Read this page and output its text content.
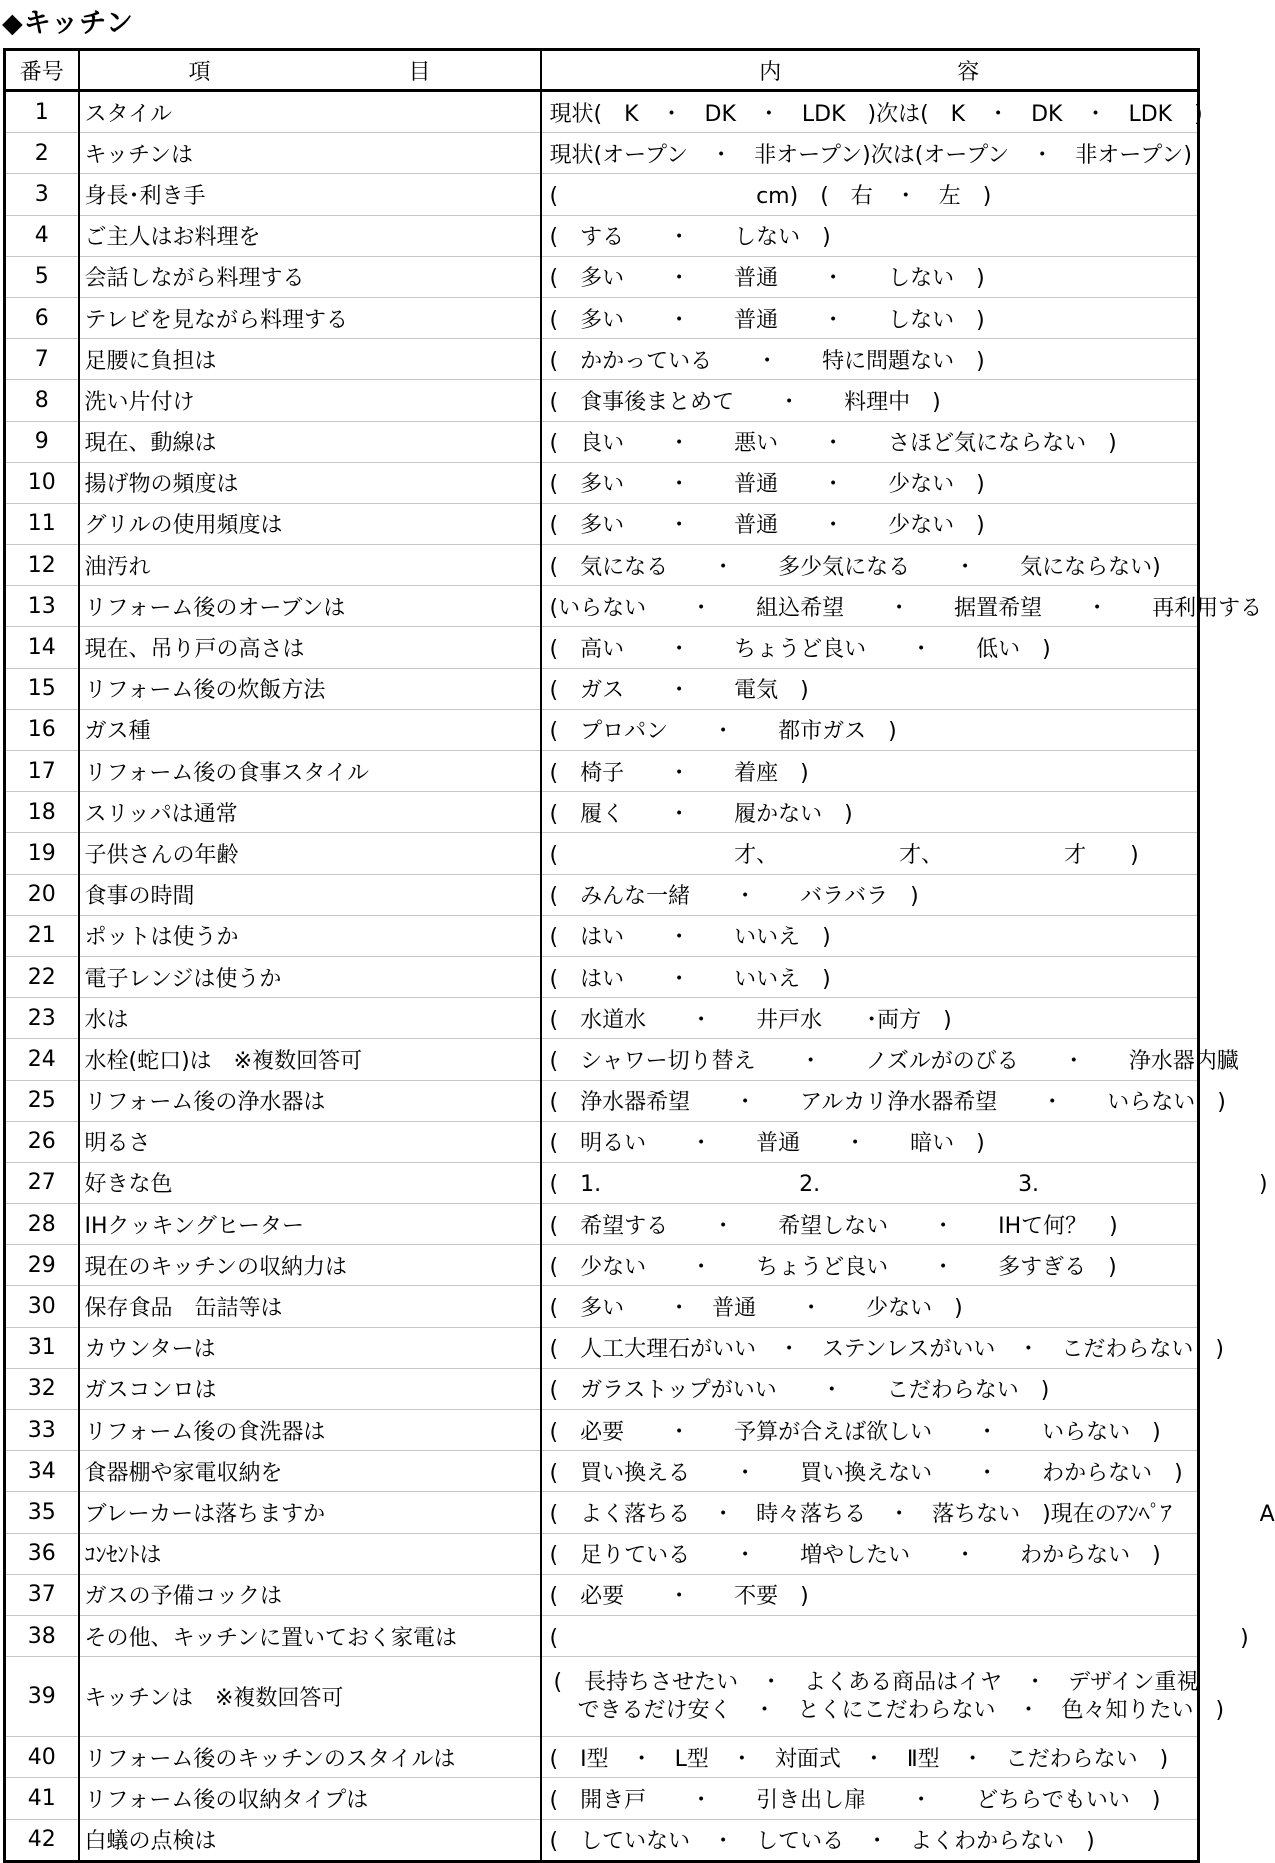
◆キッチン
番号	項　　　　　　　　　目	内　　　　　　　　容
1	スタイル	現状(　K　・　DK　・　LDK　)次は(　K　・　DK　・　LDK　)
2	キッチンは	現状(オープン　・　非オープン)次は(オープン　・　非オープン)
3	身長･利き手	(　　　　　　　　　cm)　(　右　・　左　)
4	ご主人はお料理を	(　する　　・　　しない　)
5	会話しながら料理する	(　多い　　・　　普通　　・　　しない　)
6	テレビを見ながら料理する	(　多い　　・　　普通　　・　　しない　)
7	足腰に負担は	(　かかっている　　・　　特に問題ない　)
8	洗い片付け	(　食事後まとめて　　・　　料理中　)
9	現在、動線は	(　良い　　・　　悪い　　・　　さほど気にならない　)
10	揚げ物の頻度は	(　多い　　・　　普通　　・　　少ない　)
11	グリルの使用頻度は	(　多い　　・　　普通　　・　　少ない　)
12	油汚れ	(　気になる　　・　　多少気になる　　・　　気にならない)
13	リフォーム後のオーブンは	(いらない　　・　　組込希望　　・　　据置希望　　・　　再利用する
14	現在、吊り戸の高さは	(　高い　　・　　ちょうど良い　　・　　低い　)
15	リフォーム後の炊飯方法	(　ガス　　・　　電気　)
16	ガス種	(　プロパン　　・　　都市ガス　)
17	リフォーム後の食事スタイル	(　椅子　　・　　着座　)
18	スリッパは通常	(　履く　　・　　履かない　)
19	子供さんの年齢	(　　　　　　　　才、　　　　　　才、　　　　　　才　　)
20	食事の時間	(　みんな一緒　　・　　バラバラ　)
21	ポットは使うか	(　はい　　・　　いいえ　)
22	電子レンジは使うか	(　はい　　・　　いいえ　)
23	水は	(　水道水　　・　　井戸水　　･両方　)
24	水栓(蛇口)は　※複数回答可	(　シャワー切り替え　　・　　ノズルがのびる　　・　　浄水器内臓
25	リフォーム後の浄水器は	(　浄水器希望　　・　　アルカリ浄水器希望　　・　　いらない　)
26	明るさ	(　明るい　　・　　普通　　・　　暗い　)
27	好きな色	(　1.　　　　　　　　　2.　　　　　　　　　3.　　　　　　　　　　)
28	IHクッキングヒーター	(　希望する　　・　　希望しない　　・　　IHて何？　)
29	現在のキッチンの収納力は	(　少ない　　・　　ちょうど良い　　・　　多すぎる　)
30	保存食品　缶詰等は	(　多い　　・　普通　　・　　少ない　)
31	カウンターは	(　人工大理石がいい　・　ステンレスがいい　・　こだわらない　)
32	ガスコンロは	(　ガラストップがいい　　・　　こだわらない　)
33	リフォーム後の食洗器は	(　必要　　・　　予算が合えば欲しい　　・　　いらない　)
34	食器棚や家電収納を	(　買い換える　　・　　買い換えない　　・　　わからない　)
35	ブレーカーは落ちますか	(　よく落ちる　・　時々落ちる　・　落ちない　)現在のｱﾝﾍﾟｱ　　　　A
36	ｺﾝｾﾝﾄは	(　足りている　　・　　増やしたい　　・　　わからない　)
37	ガスの予備コックは	(　必要　　・　　不要　)
38	その他、キッチンに置いておく家電は	(　　　　　　　　　　　　　　　　　　　　　　　　　　　　　　　)
39	キッチンは　※複数回答可	(　長持ちさせたい　・　よくある商品はイヤ　・　デザイン重視
できるだけ安く　・　とくにこだわらない　・　色々知りたい　)

40	リフォーム後のキッチンのスタイルは	(　I型　・　L型　・　対面式　・　Ⅱ型　・　こだわらない　)
41	リフォーム後の収納タイプは	(　開き戸　　・　　引き出し扉　　・　　どちらでもいい　)
42	白蟻の点検は	(　していない　・　している　・　よくわからない　)
